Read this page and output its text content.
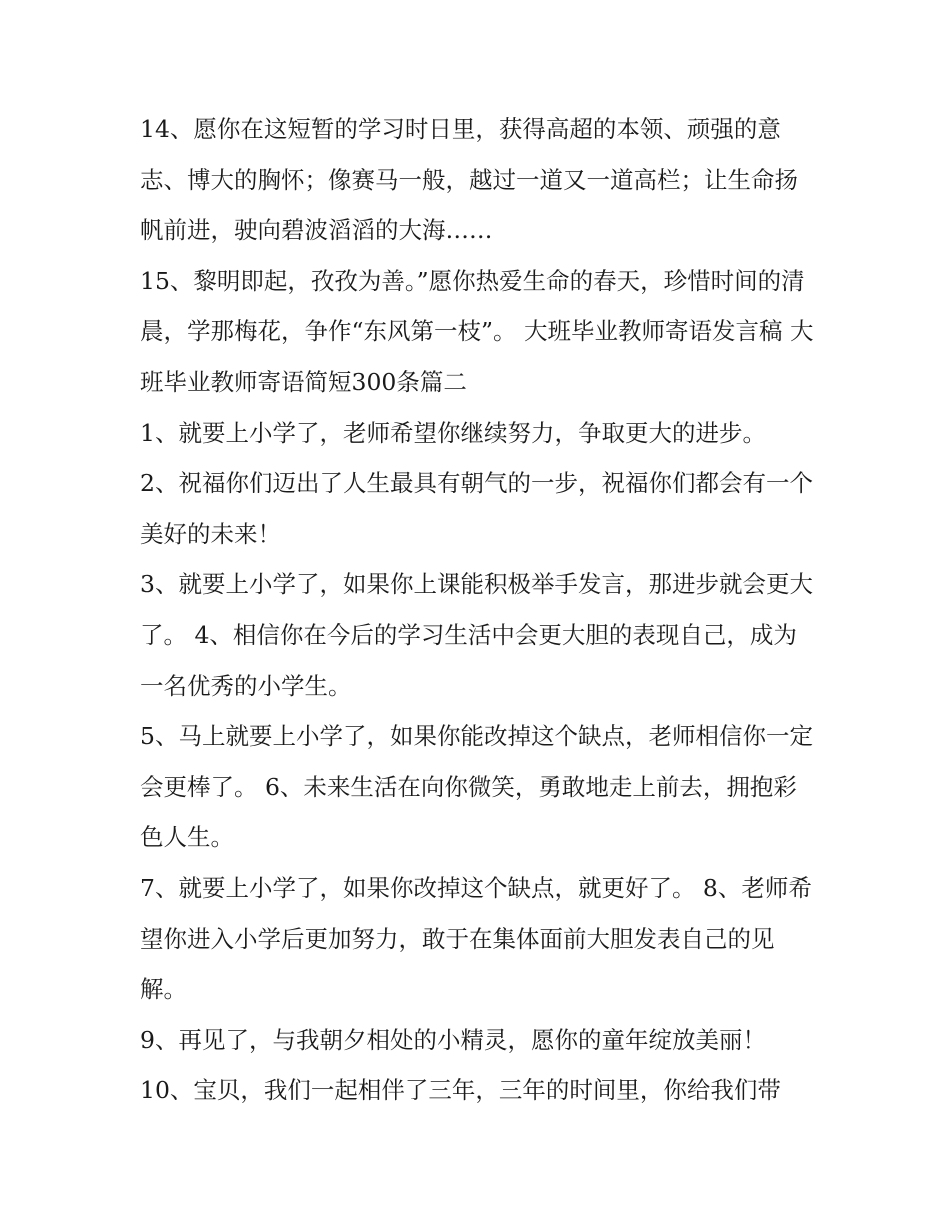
14、愿你在这短暂的学习时日里，获得高超的本领、顽强的意志、博大的胸怀；像赛马一般，越过一道又一道高栏；让生命扬帆前进，驶向碧波滔滔的大海……

15、黎明即起，孜孜为善。”愿你热爱生命的春天，珍惜时间的清晨，学那梅花，争作“东风第一枝”。 大班毕业教师寄语发言稿 大班毕业教师寄语简短300条篇二

1、就要上小学了，老师希望你继续努力，争取更大的进步。

2、祝福你们迈出了人生最具有朝气的一步，祝福你们都会有一个美好的未来！

3、就要上小学了，如果你上课能积极举手发言，那进步就会更大了。 4、相信你在今后的学习生活中会更大胆的表现自己，成为一名优秀的小学生。

5、马上就要上小学了，如果你能改掉这个缺点，老师相信你一定会更棒了。 6、未来生活在向你微笑，勇敢地走上前去，拥抱彩色人生。

7、就要上小学了，如果你改掉这个缺点，就更好了。 8、老师希望你进入小学后更加努力，敢于在集体面前大胆发表自己的见解。

9、再见了，与我朝夕相处的小精灵，愿你的童年绽放美丽！

10、宝贝，我们一起相伴了三年，三年的时间里，你给我们带
